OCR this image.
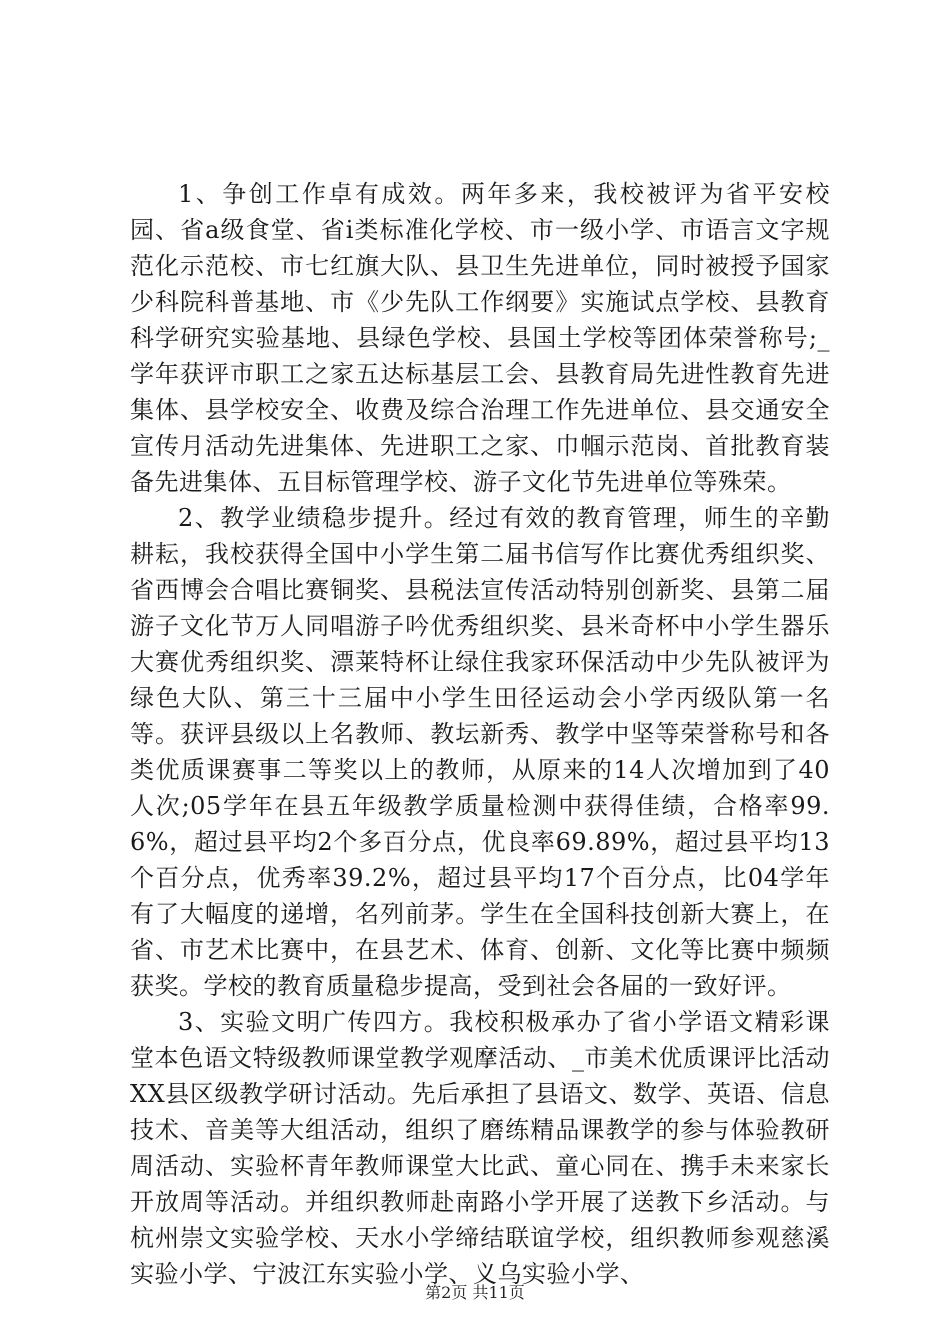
1、争创工作卓有成效。两年多来，我校被评为省平安校园、省a级食堂、省i类标准化学校、市一级小学、市语言文字规范化示范校、市七红旗大队、县卫生先进单位，同时被授予国家少科院科普基地、市《少先队工作纲要》实施试点学校、县教育科学研究实验基地、县绿色学校、县国土学校等团体荣誉称号;_学年获评市职工之家五达标基层工会、县教育局先进性教育先进集体、县学校安全、收费及综合治理工作先进单位、县交通安全宣传月活动先进集体、先进职工之家、巾帼示范岗、首批教育装备先进集体、五目标管理学校、游子文化节先进单位等殊荣。

2、教学业绩稳步提升。经过有效的教育管理，师生的辛勤耕耘，我校获得全国中小学生第二届书信写作比赛优秀组织奖、省西博会合唱比赛铜奖、县税法宣传活动特别创新奖、县第二届游子文化节万人同唱游子吟优秀组织奖、县米奇杯中小学生器乐大赛优秀组织奖、漂莱特杯让绿住我家环保活动中少先队被评为绿色大队、第三十三届中小学生田径运动会小学丙级队第一名等。获评县级以上名教师、教坛新秀、教学中坚等荣誉称号和各类优质课赛事二等奖以上的教师，从原来的14人次增加到了40人次;05学年在县五年级教学质量检测中获得佳绩，合格率99.6%，超过县平均2个多百分点，优良率69.89%，超过县平均13个百分点，优秀率39.2%，超过县平均17个百分点，比04学年有了大幅度的递增，名列前茅。学生在全国科技创新大赛上，在省、市艺术比赛中，在县艺术、体育、创新、文化等比赛中频频获奖。学校的教育质量稳步提高，受到社会各届的一致好评。

3、实验文明广传四方。我校积极承办了省小学语文精彩课堂本色语文特级教师课堂教学观摩活动、_市美术优质课评比活动XX县区级教学研讨活动。先后承担了县语文、数学、英语、信息技术、音美等大组活动，组织了磨练精品课教学的参与体验教研周活动、实验杯青年教师课堂大比武、童心同在、携手未来家长开放周等活动。并组织教师赴南路小学开展了送教下乡活动。与杭州崇文实验学校、天水小学缔结联谊学校，组织教师参观慈溪实验小学、宁波江东实验小学、义乌实验小学、

第2页 共11页
